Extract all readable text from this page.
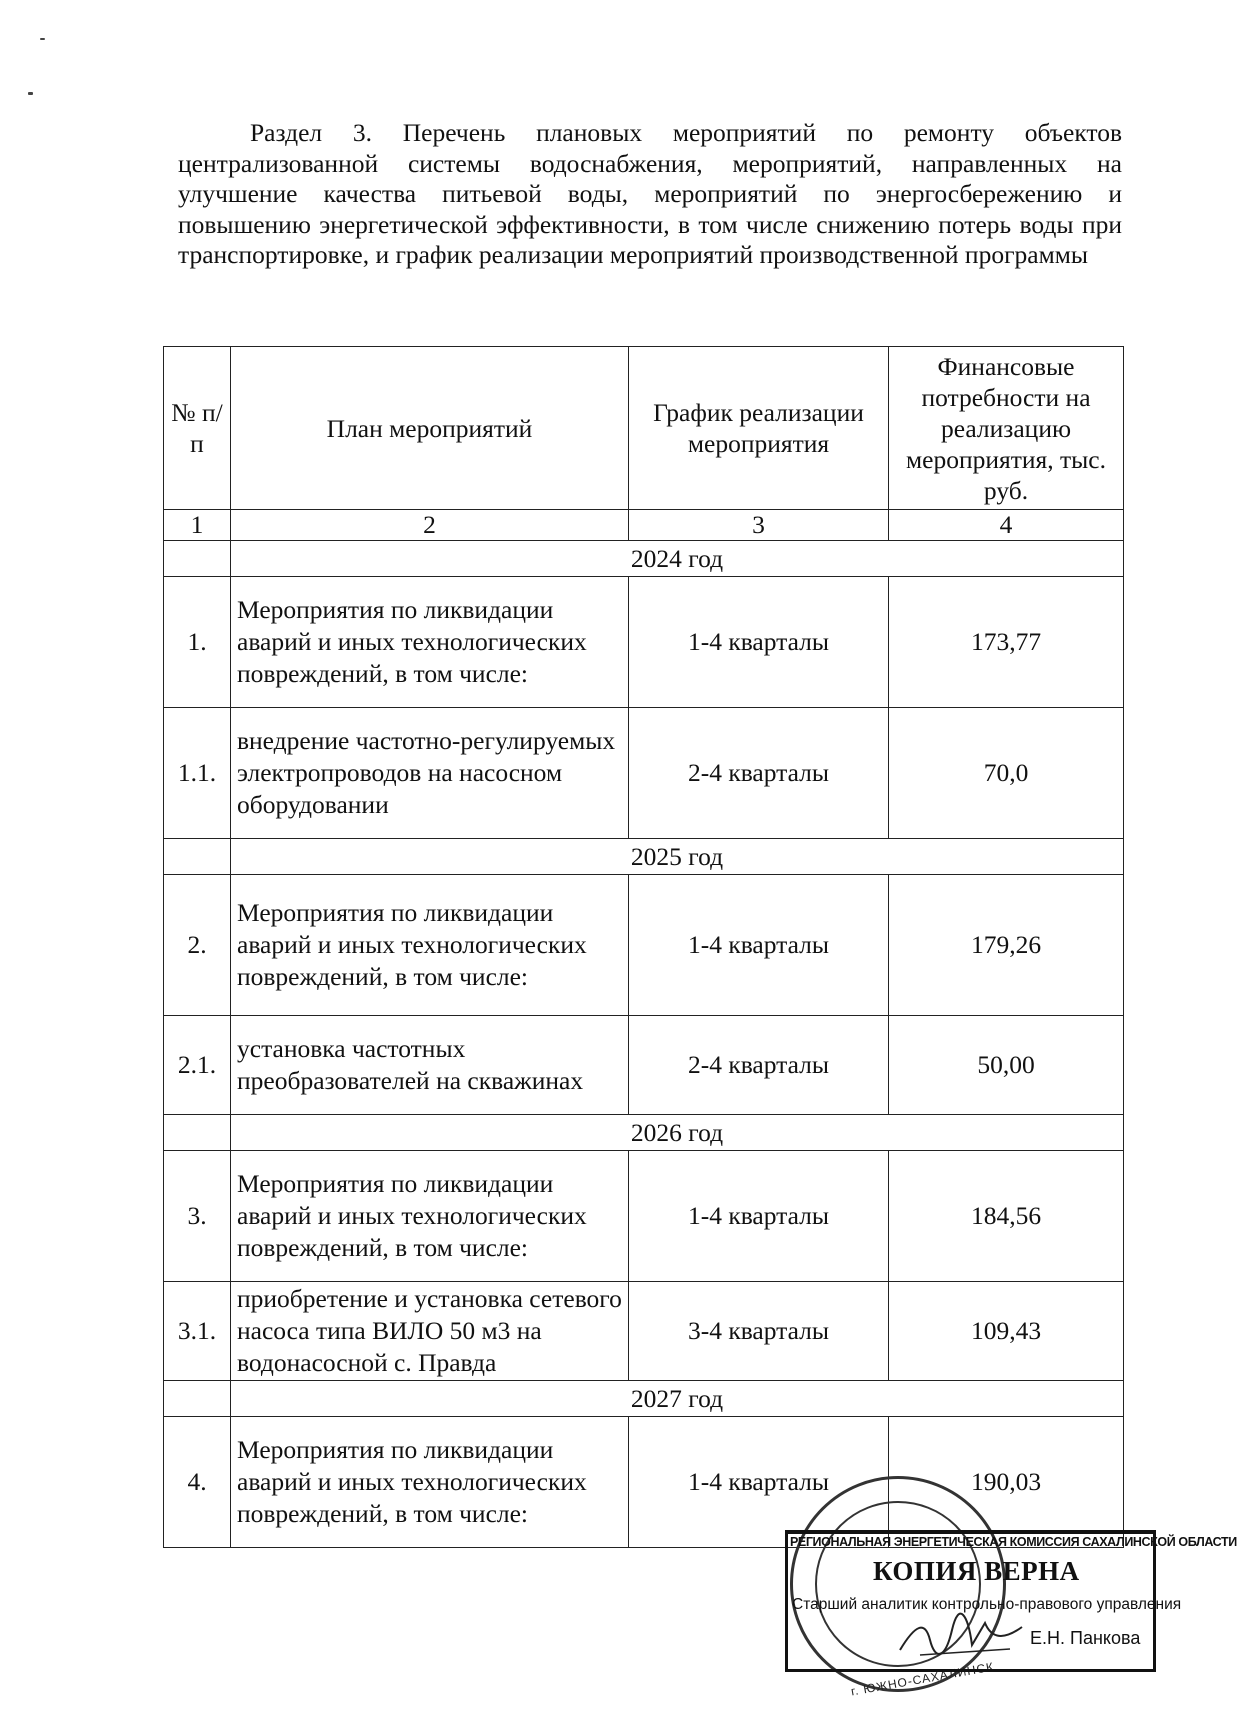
Раздел 3. Перечень плановых мероприятий по ремонту объектов централизованной системы водоснабжения, мероприятий, направленных на улучшение качества питьевой воды, мероприятий по энергосбережению и повышению энергетической эффективности, в том числе снижению потерь воды при транспортировке, и график реализации мероприятий производственной программы

№ п/п	План мероприятий	График реализации мероприятия	Финансовые потребности на реализацию мероприятия, тыс. руб.
1	2	3	4
	2024 год		
1.	Мероприятия по ликвидации аварий и иных технологических повреждений, в том числе:	1-4 кварталы	173,77
1.1.	внедрение частотно-регулируемых электропроводов на насосном оборудовании	2-4 кварталы	70,0
	2025 год		
2.	Мероприятия по ликвидации аварий и иных технологических повреждений, в том числе:	1-4 кварталы	179,26
2.1.	установка частотных преобразователей на скважинах	2-4 кварталы	50,00
	2026 год		
3.	Мероприятия по ликвидации аварий и иных технологических повреждений, в том числе:	1-4 кварталы	184,56
3.1.	приобретение и установка сетевого насоса типа ВИЛО 50 м3 на водонасосной с. Правда	3-4 кварталы	109,43
	2027 год		
4.	Мероприятия по ликвидации аварий и иных технологических повреждений, в том числе:	1-4 кварталы	190,03
г. ЮЖНО-САХАЛИНСК
РЕГИОНАЛЬНАЯ ЭНЕРГЕТИЧЕСКАЯ КОМИССИЯ САХАЛИНСКОЙ ОБЛАСТИ
КОПИЯ ВЕРНА
Старший аналитик контрольно-правового управления
Е.Н. Панкова
